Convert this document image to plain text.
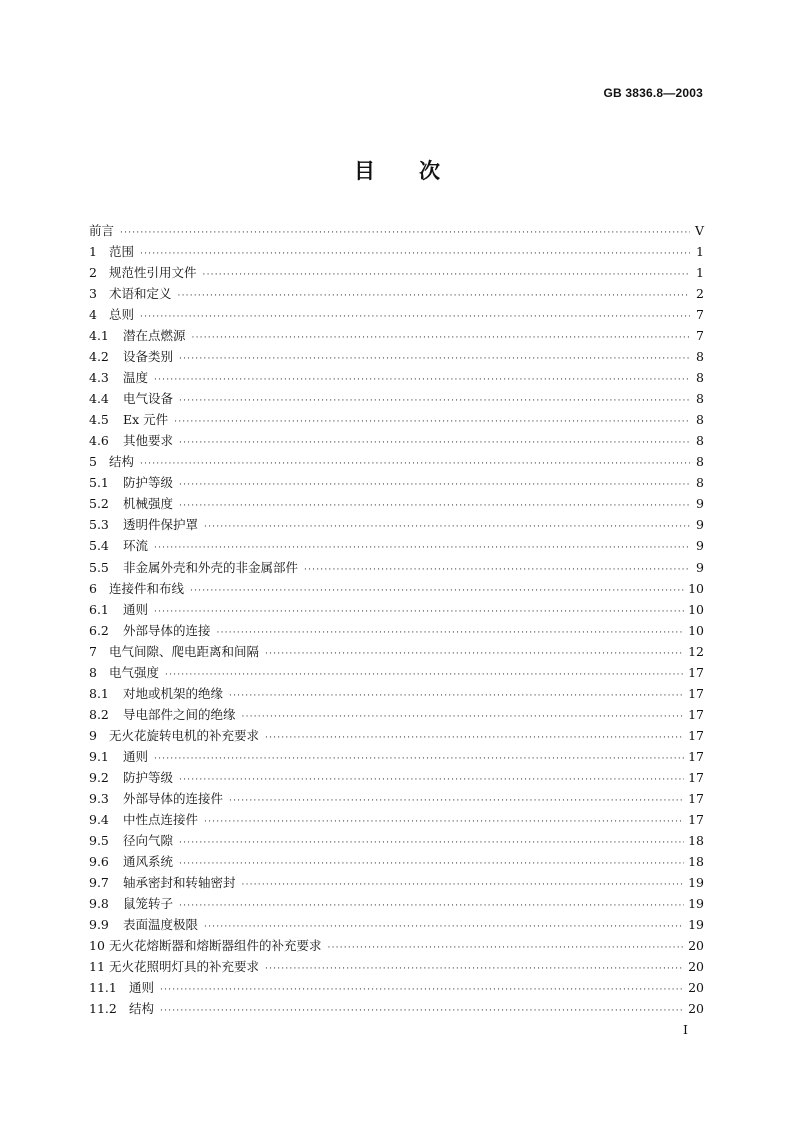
GB 3836.8—2003
目 次
前言 ·····	Ⅴ
1 范围 ·····	1
2 规范性引用文件 ·····	1
3 术语和定义 ·····	2
4 总则 ·····	7
4.1	潜在点燃源 ·····	7
4.2	设备类别 ·····	8
4.3	温度 ·····	8
4.4	电气设备 ·····	8
4.5	Ex 元件 ·····	8
4.6	其他要求 ·····	8
5 结构 ·····	8
5.1	防护等级 ·····	8
5.2	机械强度 ·····	9
5.3	透明件保护罩 ·····	9
5.4	环流 ·····	9
5.5	非金属外壳和外壳的非金属部件 ·····	9
6 连接件和布线 ·····	10
6.1	通则 ·····	10
6.2	外部导体的连接 ·····	10
7 电气间隙、爬电距离和间隔 ·····	12
8 电气强度 ·····	17
8.1	对地或机架的绝缘 ·····	17
8.2	导电部件之间的绝缘 ·····	17
9 无火花旋转电机的补充要求 ·····	17
9.1	通则 ·····	17
9.2	防护等级 ·····	17
9.3	外部导体的连接件 ·····	17
9.4	中性点连接件 ·····	17
9.5	径向气隙 ·····	18
9.6	通风系统 ·····	18
9.7	轴承密封和转轴密封 ·····	19
9.8	鼠笼转子 ·····	19
9.9	表面温度极限 ·····	19
10 无火花熔断器和熔断器组件的补充要求 ·····	20
11 无火花照明灯具的补充要求 ·····	20
11.1 通则 ·····	20
11.2 结构 ·····	20
Ⅰ
